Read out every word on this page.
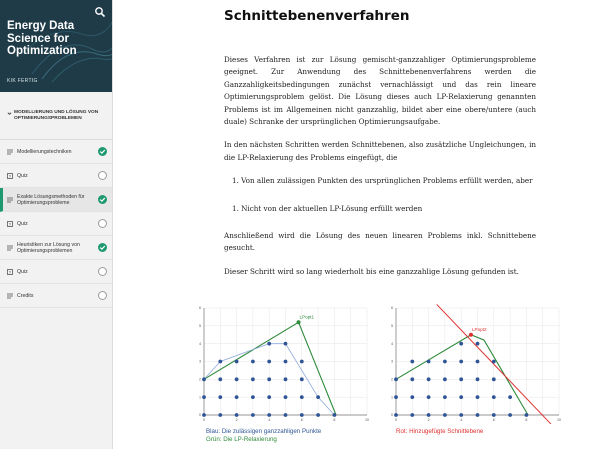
Energy Data
Science for
Optimization
KIK FERTIG
MODELLIERUNG UND LÖSUNG VON OPTIMIERUNGSPROBLEMEN
Modellierungstechniken
? Quiz
Exakte Lösungsmethoden für Optimierungsprobleme
? Quiz
Heuristiken zur Lösung von Optimierungsproblemen
? Quiz
Credits
Schnittebenenverfahren

Dieses Verfahren ist zur Lösung gemischt-ganzzahliger Optimierungsprobleme geeignet. Zur Anwendung des Schnittebenenverfahrens werden die Ganzzahligkeitsbedingungen zunächst vernachlässigt und das rein lineare Optimierungsproblem gelöst. Die Lösung dieses auch LP-Relaxierung genannten Problems ist im Allgemeinen nicht ganzzahlig, bildet aber eine obere/untere (auch duale) Schranke der ursprünglichen Optimierungsaufgabe.

In den nächsten Schritten werden Schnittebenen, also zusätzliche Ungleichungen, in die LP-Relaxierung des Problems eingefügt, die

1. Von allen zulässigen Punkten des ursprünglichen Problems erfüllt werden, aber
1. Nicht von der aktuellen LP-Lösung erfüllt werden

Anschließend wird die Lösung des neuen linearen Problems inkl. Schnittebene gesucht.

Dieser Schritt wird so lang wiederholt bis eine ganzzahlige Lösung gefunden ist.

0	2	4	6	8	10
0
1
2
3
4
5
6
LPopt1
0	2	4	6	8	10
0
1
2
3
4
5
6
LPopt2
Blau: Die zulässigen ganzzahligen Punkte
Grün: Die LP-Relaxierung
Rot: Hinzugefügte Schnittebene
